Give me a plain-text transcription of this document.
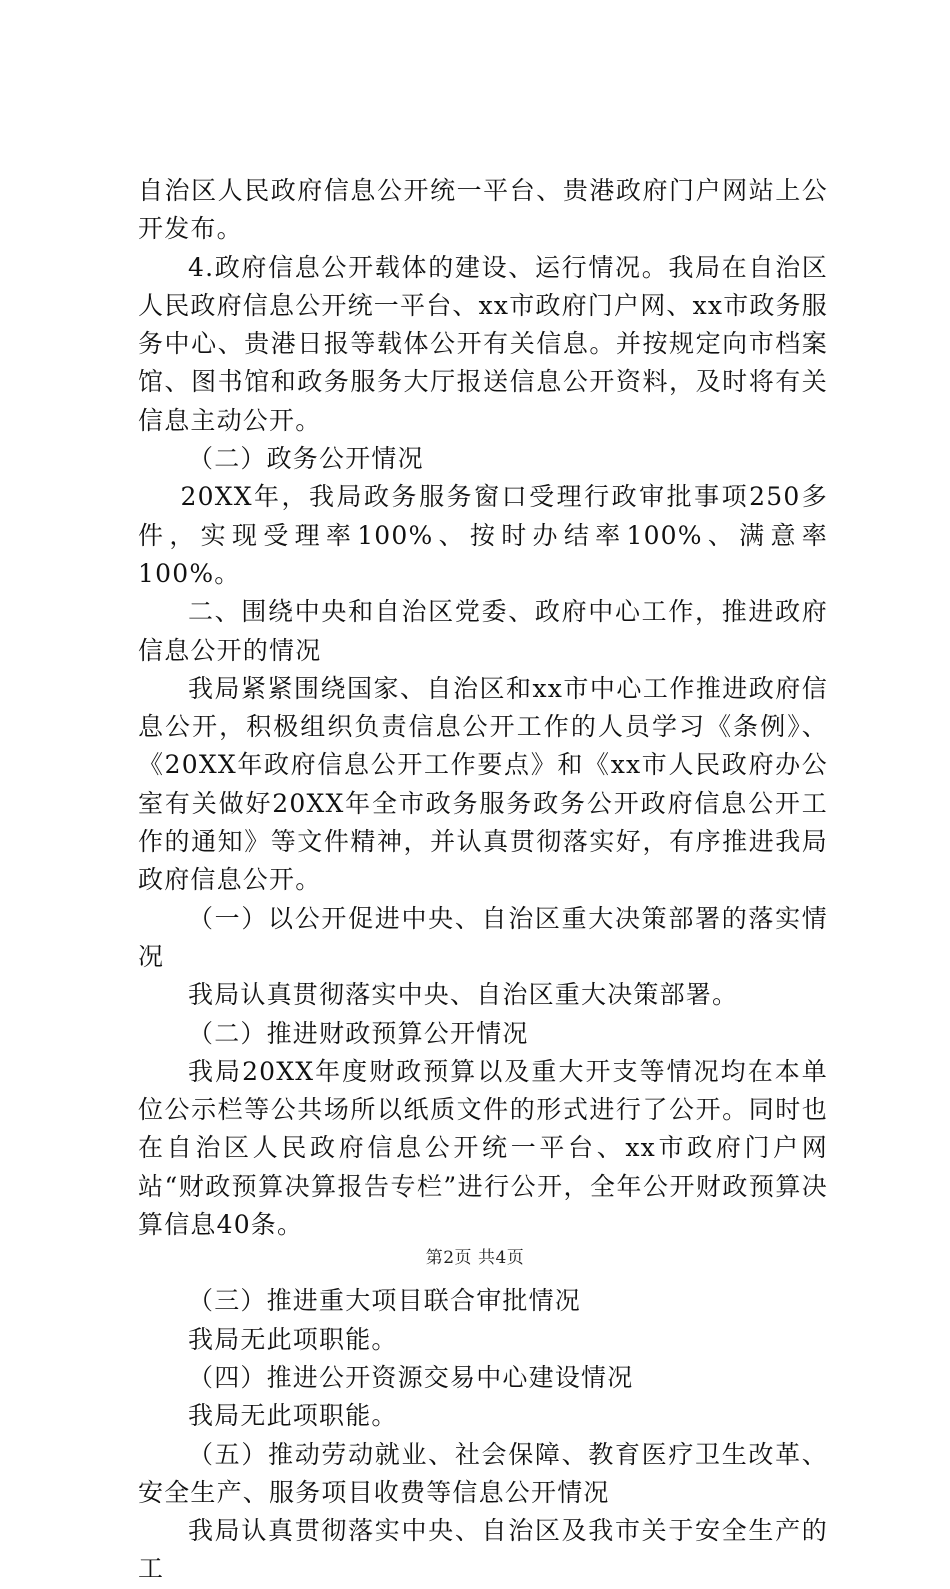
自治区人民政府信息公开统一平台、贵港政府门户网站上公开发布。

4.政府信息公开载体的建设、运行情况。我局在自治区人民政府信息公开统一平台、xx市政府门户网、xx市政务服务中心、贵港日报等载体公开有关信息。并按规定向市档案馆、图书馆和政务服务大厅报送信息公开资料，及时将有关信息主动公开。

（二）政务公开情况

20XX年，我局政务服务窗口受理行政审批事项250多件，实现受理率100%、按时办结率100%、满意率100%。

二、围绕中央和自治区党委、政府中心工作，推进政府信息公开的情况

我局紧紧围绕国家、自治区和xx市中心工作推进政府信息公开，积极组织负责信息公开工作的人员学习《条例》、《20XX年政府信息公开工作要点》和《xx市人民政府办公室有关做好20XX年全市政务服务政务公开政府信息公开工作的通知》等文件精神，并认真贯彻落实好，有序推进我局政府信息公开。

（一）以公开促进中央、自治区重大决策部署的落实情况

我局认真贯彻落实中央、自治区重大决策部署。

（二）推进财政预算公开情况

我局20XX年度财政预算以及重大开支等情况均在本单位公示栏等公共场所以纸质文件的形式进行了公开。同时也在自治区人民政府信息公开统一平台、xx市政府门户网站“财政预算决算报告专栏”进行公开，全年公开财政预算决算信息40条。

（三）推进重大项目联合审批情况

我局无此项职能。

（四）推进公开资源交易中心建设情况

我局无此项职能。

（五）推动劳动就业、社会保障、教育医疗卫生改革、安全生产、服务项目收费等信息公开情况

我局认真贯彻落实中央、自治区及我市关于安全生产的工

第2页 共4页
